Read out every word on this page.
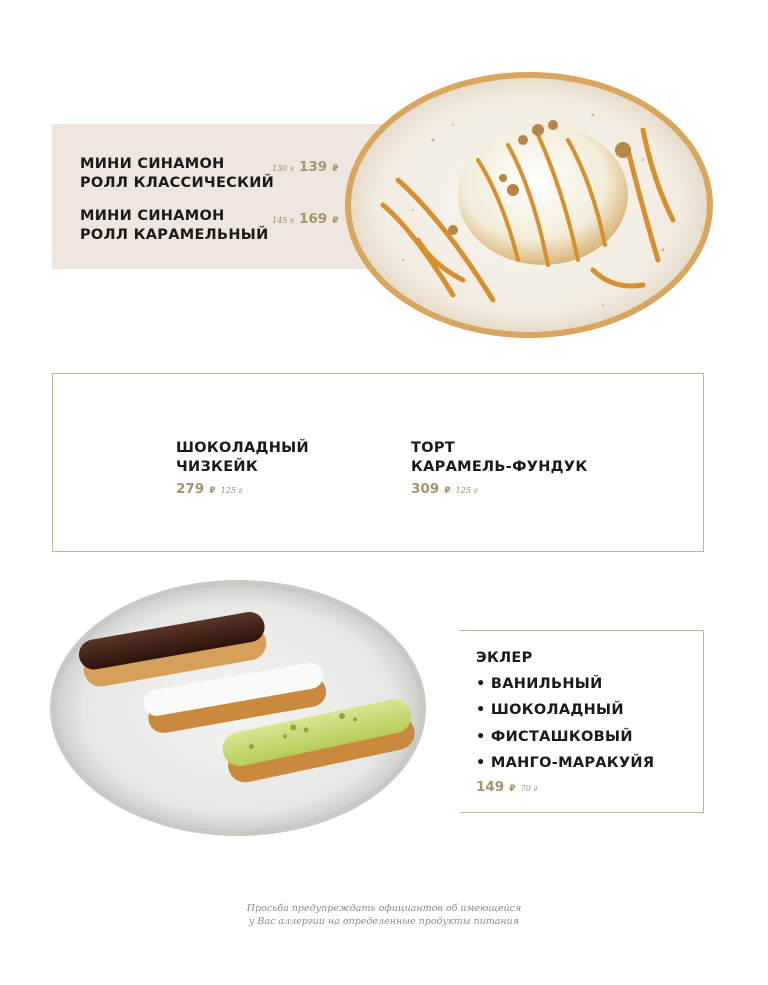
МИНИ СИНАМОН
РОЛЛ КЛАССИЧЕСКИЙ
130 г 139 ₽
МИНИ СИНАМОН
РОЛЛ КАРАМЕЛЬНЫЙ
145 г 169 ₽
ШОКОЛАДНЫЙ
ЧИЗКЕЙК
279 ₽ 125 г
ТОРТ
КАРАМЕЛЬ-ФУНДУК
309 ₽ 125 г
ЭКЛЕР
• ВАНИЛЬНЫЙ
• ШОКОЛАДНЫЙ
• ФИСТАШКОВЫЙ
• МАНГО-МАРАКУЙЯ
149 ₽ 70 г
Просьба предупреждать официантов об имеющейся
у Вас аллергии на определенные продукты питания
